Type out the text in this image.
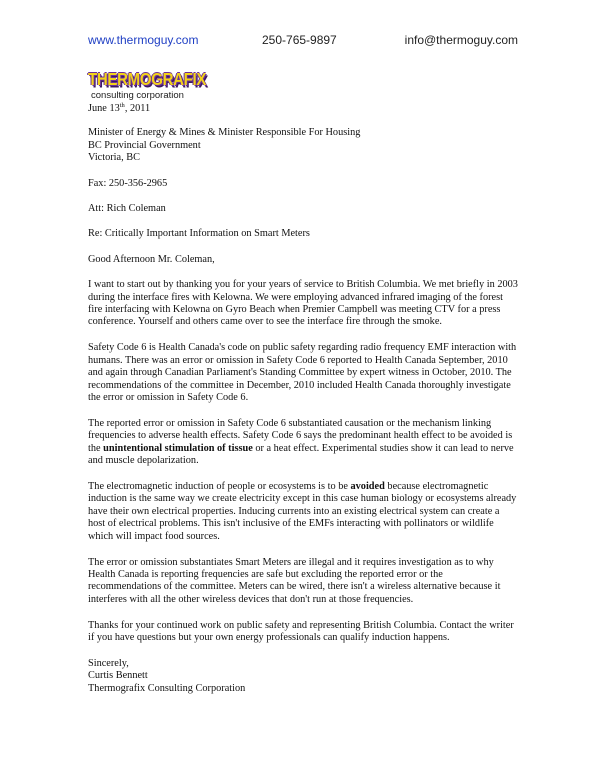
www.thermoguy.com	250-765-9897	info@thermoguy.com
THERMOGRAFIX
consulting corporation

June 13th, 2011

Minister of Energy & Mines & Minister Responsible For Housing

BC Provincial Government

Victoria, BC

Fax: 250-356-2965

Att: Rich Coleman

Re: Critically Important Information on Smart Meters

Good Afternoon Mr. Coleman,

I want to start out by thanking you for your years of service to British Columbia. We met briefly in 2003 during the interface fires with Kelowna. We were employing advanced infrared imaging of the forest fire interfacing with Kelowna on Gyro Beach when Premier Campbell was meeting CTV for a press conference. Yourself and others came over to see the interface fire through the smoke.

Safety Code 6 is Health Canada's code on public safety regarding radio frequency EMF interaction with humans. There was an error or omission in Safety Code 6 reported to Health Canada September, 2010 and again through Canadian Parliament's Standing Committee by expert witness in October, 2010. The recommendations of the committee in December, 2010 included Health Canada thoroughly investigate the error or omission in Safety Code 6.

The reported error or omission in Safety Code 6 substantiated causation or the mechanism linking frequencies to adverse health effects. Safety Code 6 says the predominant health effect to be avoided is the unintentional stimulation of tissue or a heat effect. Experimental studies show it can lead to nerve and muscle depolarization.

The electromagnetic induction of people or ecosystems is to be avoided because electromagnetic induction is the same way we create electricity except in this case human biology or ecosystems already have their own electrical properties. Inducing currents into an existing electrical system can create a host of electrical problems. This isn't inclusive of the EMFs interacting with pollinators or wildlife which will impact food sources.

The error or omission substantiates Smart Meters are illegal and it requires investigation as to why Health Canada is reporting frequencies are safe but excluding the reported error or the recommendations of the committee. Meters can be wired, there isn't a wireless alternative because it interferes with all the other wireless devices that don't run at those frequencies.

Thanks for your continued work on public safety and representing British Columbia. Contact the writer if you have questions but your own energy professionals can qualify induction happens.

Sincerely,

Curtis Bennett

Thermografix Consulting Corporation
